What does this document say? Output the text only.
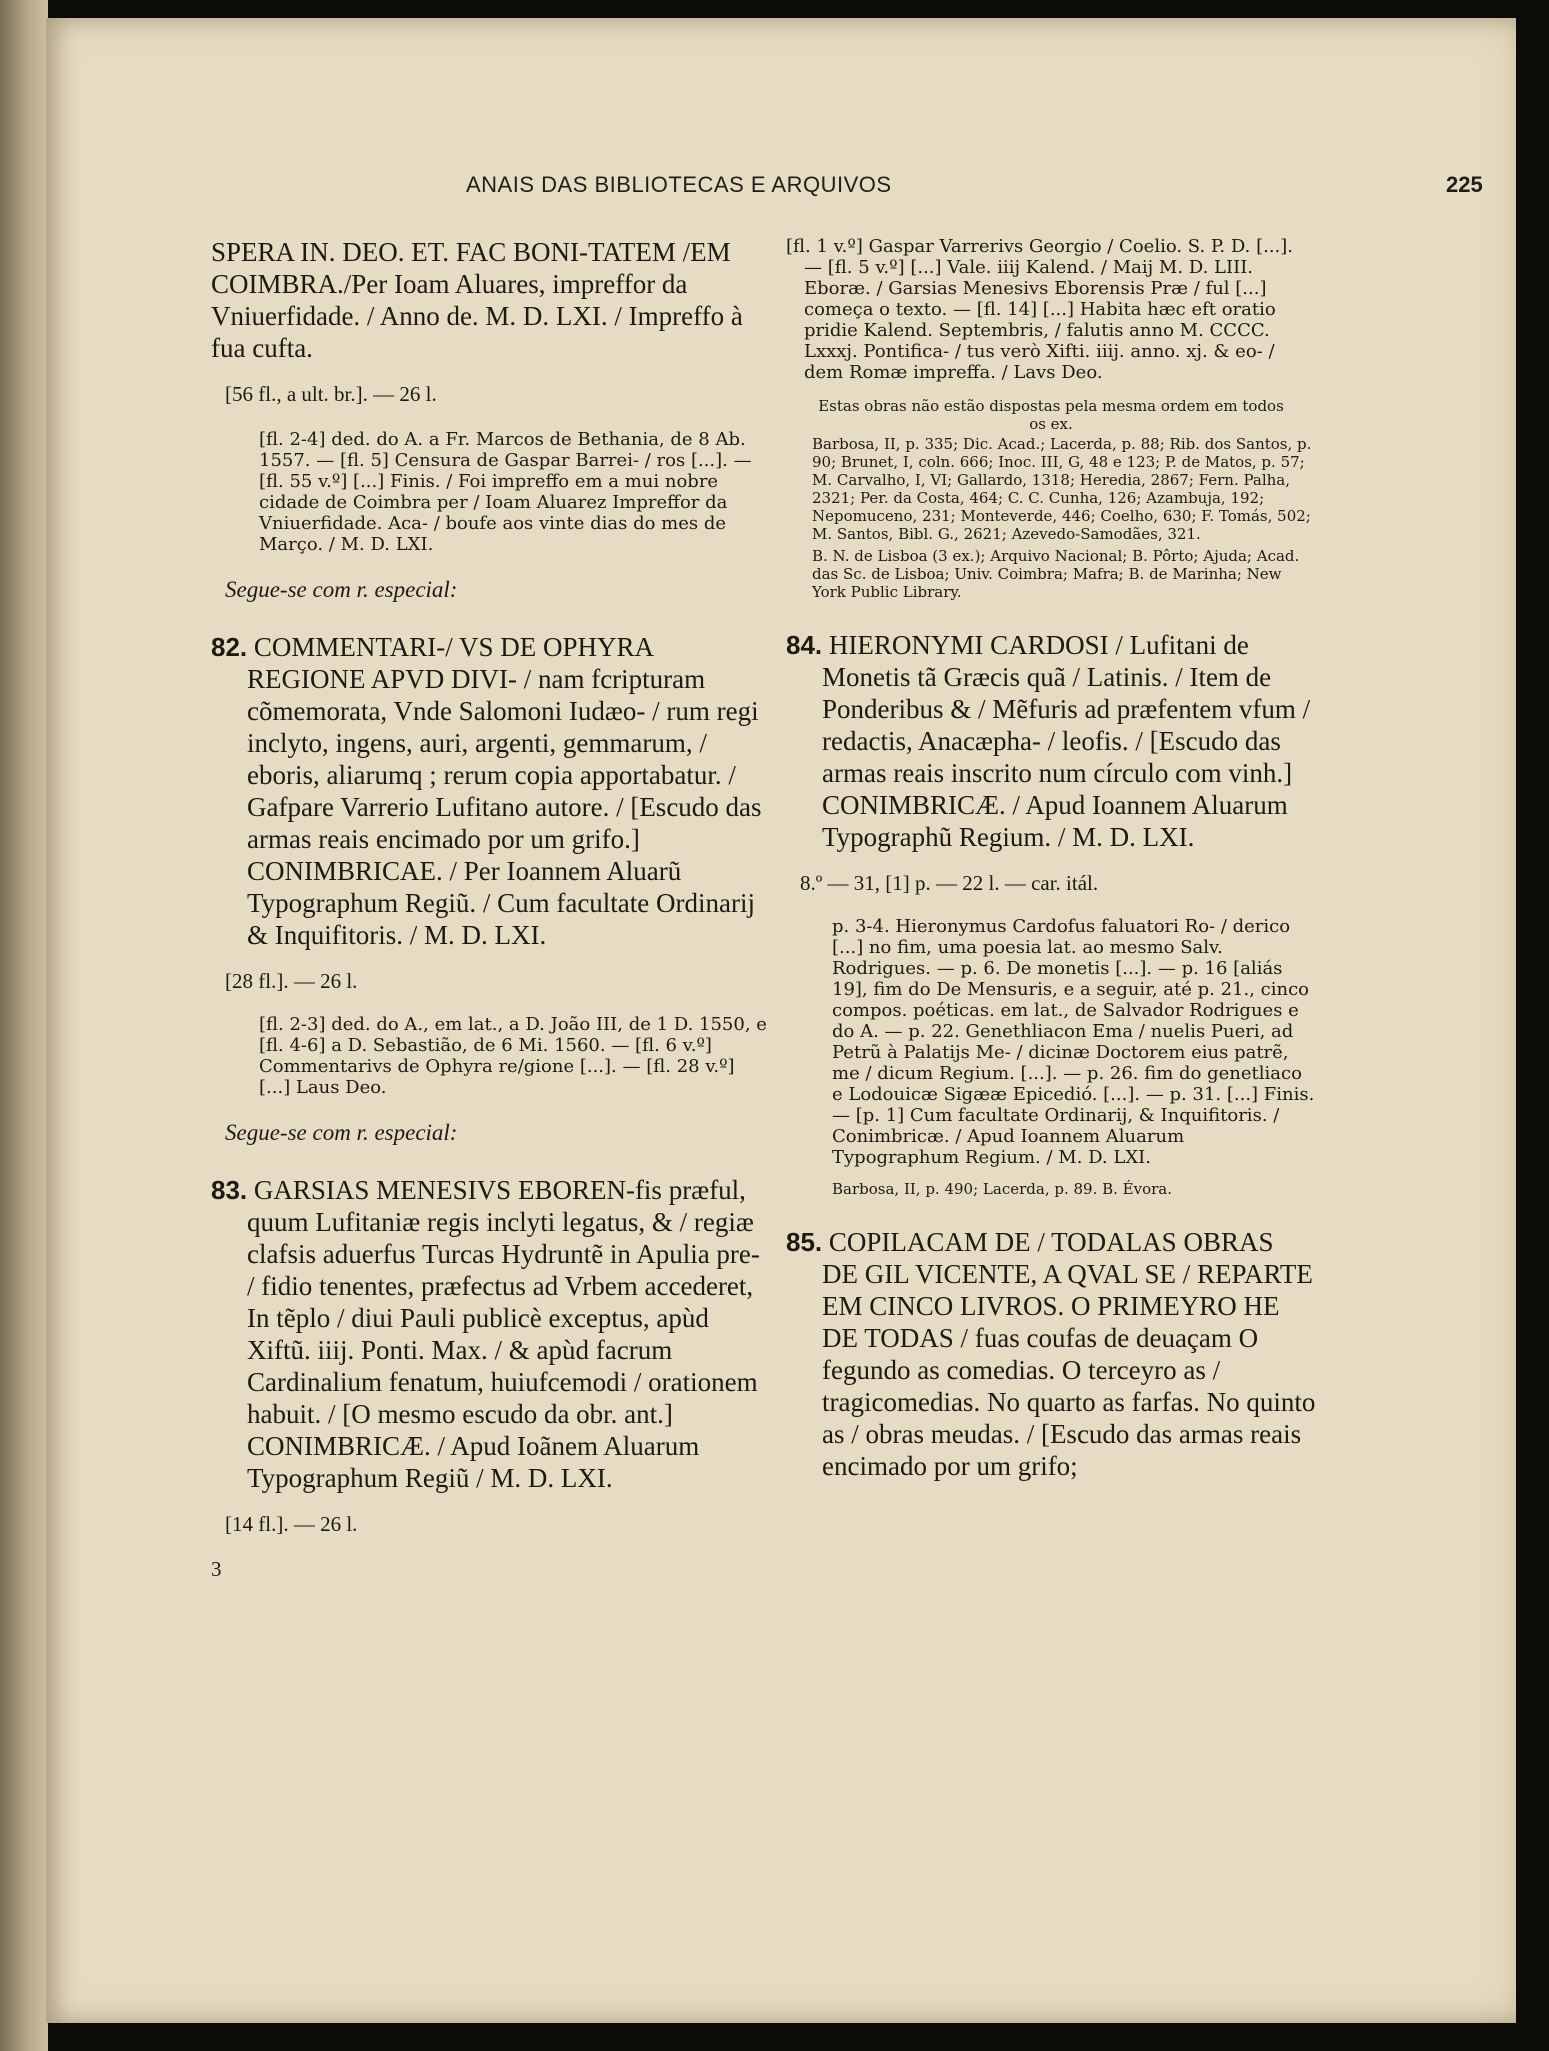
ANAIS DAS BIBLIOTECAS E ARQUIVOS	225

SPERA IN. DEO. ET. FAC BONI-TATEM /EM COIMBRA./Per Ioam Aluares, impreffor da Vniuerfidade. / Anno de. M. D. LXI. / Impreffo à fua cufta.

[56 fl., a ult. br.]. — 26 l.

[fl. 2-4] ded. do A. a Fr. Marcos de Bethania, de 8 Ab. 1557. — [fl. 5] Censura de Gaspar Barrei- / ros [...]. — [fl. 55 v.º] [...] Finis. / Foi impreffo em a mui nobre cidade de Coimbra per / Ioam Aluarez Impreffor da Vniuerfidade. Aca- / boufe aos vinte dias do mes de Março. / M. D. LXI.

Segue-se com r. especial:

82. COMMENTARI-/ VS DE OPHYRA REGIONE APVD DIVI- / nam fcripturam cõmemorata, Vnde Salomoni Iudæo- / rum regi inclyto, ingens, auri, argenti, gemmarum, / eboris, aliarumq ; rerum copia apportabatur. / Gafpare Varrerio Lufitano autore. / [Escudo das armas reais encimado por um grifo.] CONIMBRICAE. / Per Ioannem Aluarũ Typographum Regiũ. / Cum facultate Ordinarij & Inquifitoris. / M. D. LXI.

[28 fl.]. — 26 l.

[fl. 2-3] ded. do A., em lat., a D. João III, de 1 D. 1550, e [fl. 4-6] a D. Sebastião, de 6 Mi. 1560. — [fl. 6 v.º] Commentarivs de Ophyra re/gione [...]. — [fl. 28 v.º] [...] Laus Deo.

Segue-se com r. especial:

83. GARSIAS MENESIVS EBOREN-fis præful, quum Lufitaniæ regis inclyti legatus, & / regiæ clafsis aduerfus Turcas Hydruntẽ in Apulia pre- / fidio tenentes, præfectus ad Vrbem accederet, In tẽplo / diui Pauli publicè exceptus, apùd Xiftũ. iiij. Ponti. Max. / & apùd facrum Cardinalium fenatum, huiufcemodi / orationem habuit. / [O mesmo escudo da obr. ant.] CONIMBRICÆ. / Apud Ioãnem Aluarum Typographum Regiũ / M. D. LXI.

[14 fl.]. — 26 l.

3

[fl. 1 v.º] Gaspar Varrerivs Georgio / Coelio. S. P. D. [...]. — [fl. 5 v.º] [...] Vale. iiij Kalend. / Maij M. D. LIII. Eboræ. / Garsias Menesivs Eborensis Præ / ful [...] começa o texto. — [fl. 14] [...] Habita hæc eft oratio pridie Kalend. Septembris, / falutis anno M. CCCC. Lxxxj. Pontifica- / tus verò Xifti. iiij. anno. xj. & eo- / dem Romæ impreffa. / Lavs Deo.

Estas obras não estão dispostas pela mesma ordem em todos os ex.

Barbosa, II, p. 335; Dic. Acad.; Lacerda, p. 88; Rib. dos Santos, p. 90; Brunet, I, coln. 666; Inoc. III, G, 48 e 123; P. de Matos, p. 57; M. Carvalho, I, VI; Gallardo, 1318; Heredia, 2867; Fern. Palha, 2321; Per. da Costa, 464; C. C. Cunha, 126; Azambuja, 192; Nepomuceno, 231; Monteverde, 446; Coelho, 630; F. Tomás, 502; M. Santos, Bibl. G., 2621; Azevedo-Samodães, 321.

B. N. de Lisboa (3 ex.); Arquivo Nacional; B. Pôrto; Ajuda; Acad. das Sc. de Lisboa; Univ. Coimbra; Mafra; B. de Marinha; New York Public Library.

84. HIERONYMI CARDOSI / Lufitani de Monetis tã Græcis quã / Latinis. / Item de Ponderibus & / Mẽfuris ad præfentem vfum / redactis, Anacæpha- / leofis. / [Escudo das armas reais inscrito num círculo com vinh.] CONIMBRICÆ. / Apud Ioannem Aluarum Typographũ Regium. / M. D. LXI.

8.º — 31, [1] p. — 22 l. — car. itál.

p. 3-4. Hieronymus Cardofus faluatori Ro- / derico [...] no fim, uma poesia lat. ao mesmo Salv. Rodrigues. — p. 6. De monetis [...]. — p. 16 [aliás 19], fim do De Mensuris, e a seguir, até p. 21., cinco compos. poéticas. em lat., de Salvador Rodrigues e do A. — p. 22. Genethliacon Ema / nuelis Pueri, ad Petrũ à Palatijs Me- / dicinæ Doctorem eius patrẽ, me / dicum Regium. [...]. — p. 26. fim do genetliaco e Lodouicæ Sigææ Epicedió. [...]. — p. 31. [...] Finis. — [p. 1] Cum facultate Ordinarij, & Inquifitoris. / Conimbricæ. / Apud Ioannem Aluarum Typographum Regium. / M. D. LXI.

Barbosa, II, p. 490; Lacerda, p. 89. B. Évora.

85. COPILACAM DE / TODALAS OBRAS DE GIL VICENTE, A QVAL SE / REPARTE EM CINCO LIVROS. O PRIMEYRO HE DE TODAS / fuas coufas de deuaçam O fegundo as comedias. O terceyro as / tragicomedias. No quarto as farfas. No quinto as / obras meudas. / [Escudo das armas reais encimado por um grifo;
